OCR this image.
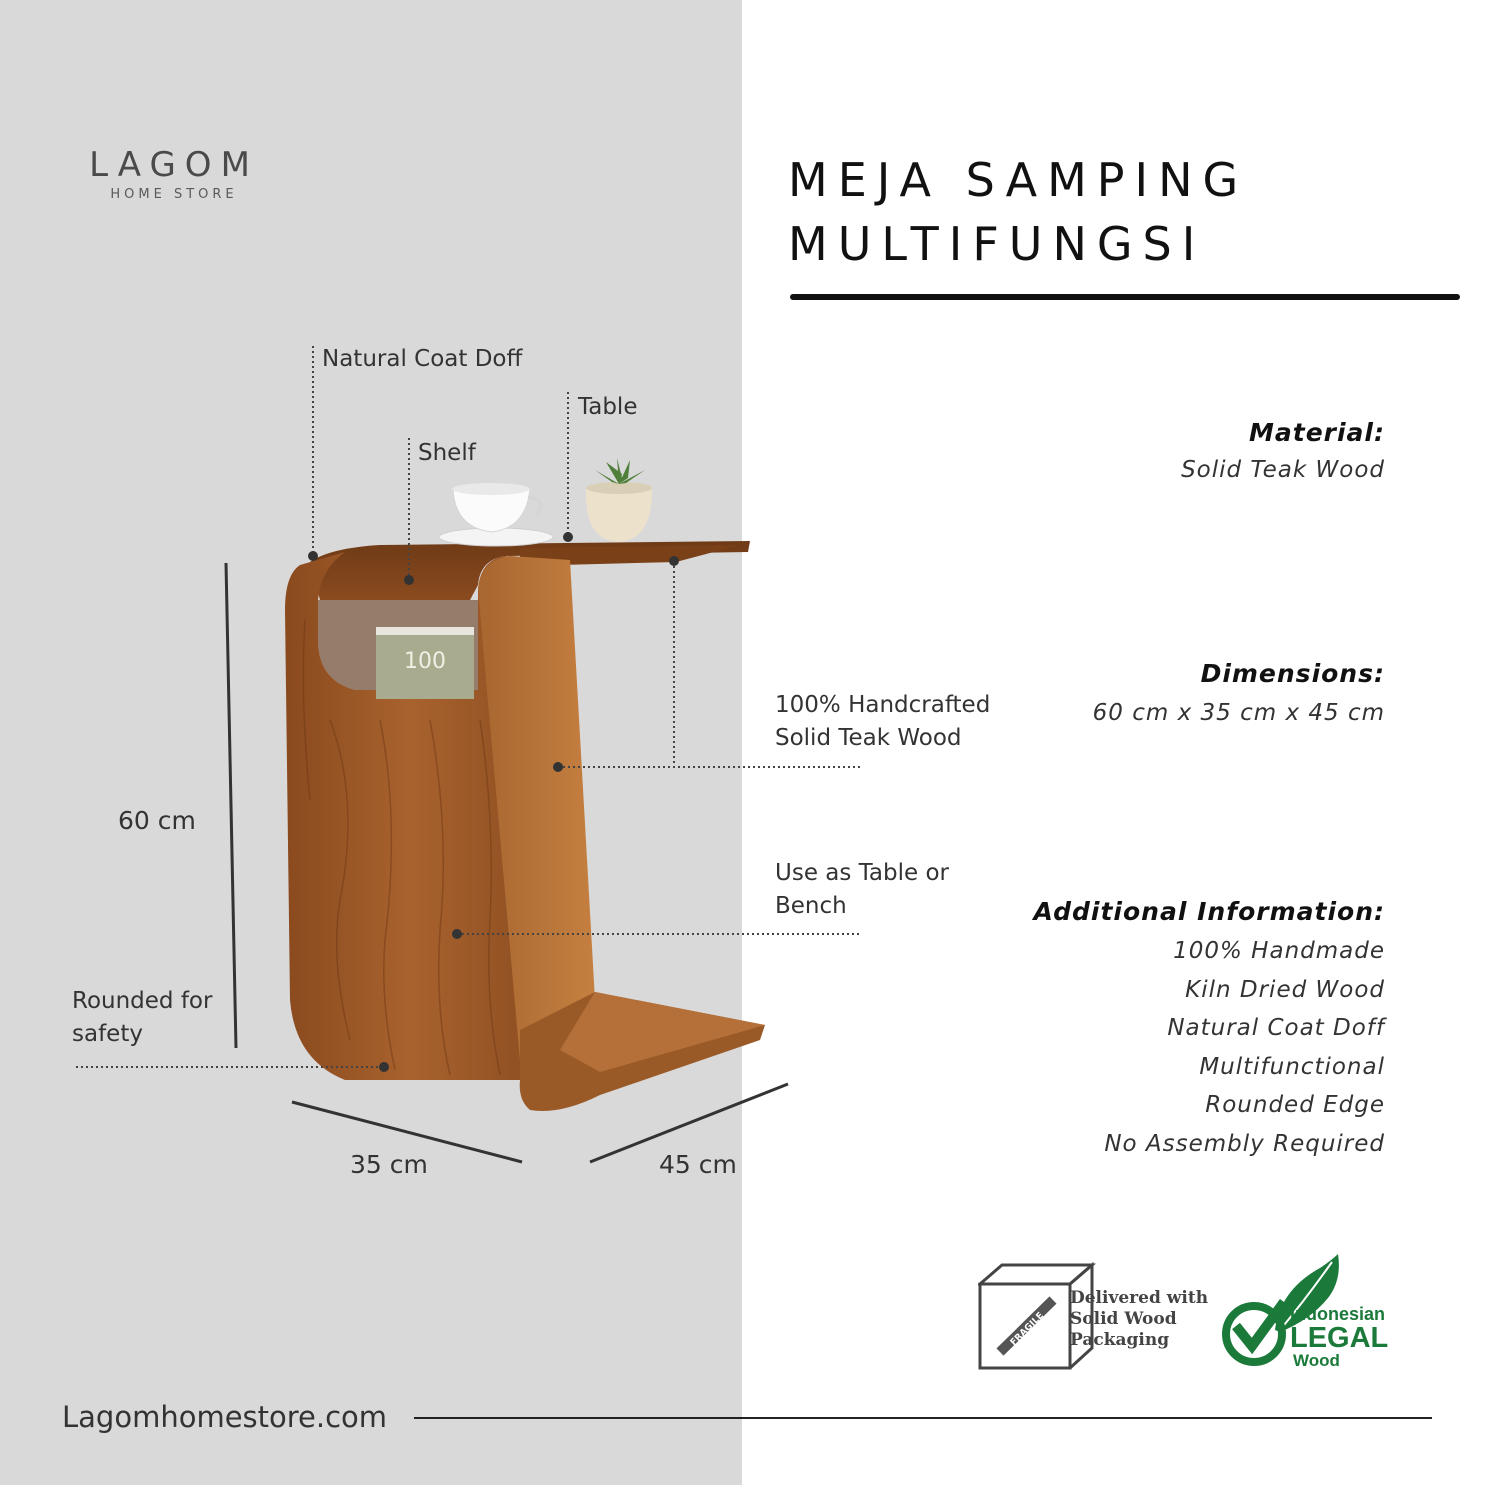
100
LAGOM
HOME STORE	MEJA SAMPING
MULTIFUNGSI
Material:
Solid Teak Wood
Dimensions:
60 cm x 35 cm x 45 cm
Additional Information:
100% Handmade
Kiln Dried Wood
Natural Coat Doff
Multifunctional
Rounded Edge
No Assembly Required
Natural Coat Doff
Table
Shelf
100% Handcrafted
Solid Teak Wood
Use as Table or
Bench
Rounded for
safety
60 cm
35 cm	45 cm
FRAGILE
Delivered with
Solid Wood
Packaging
Indonesian
LEGAL
Wood
Lagomhomestore.com
